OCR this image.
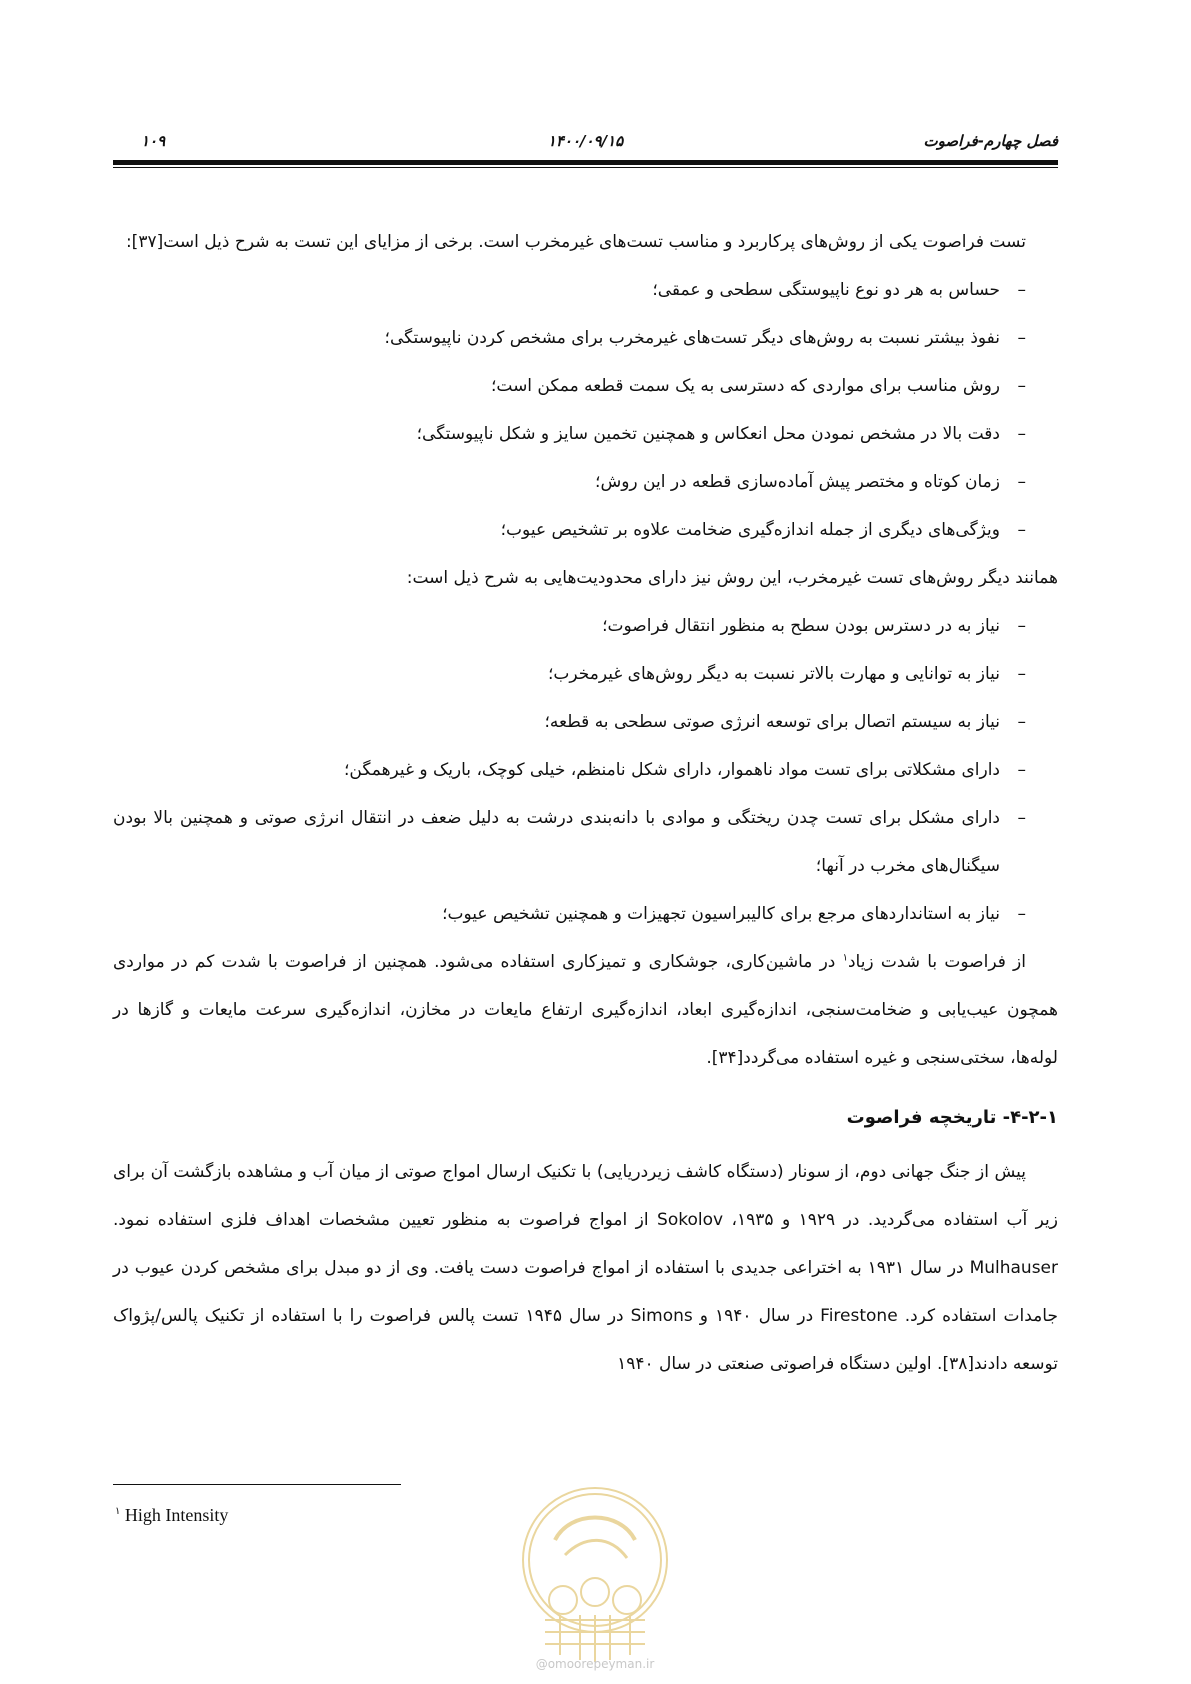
فصل چهارم-فراصوت
۱۴۰۰/۰۹/۱۵
۱۰۹

تست فراصوت یکی از روش‌های پرکاربرد و مناسب تست‌های غیرمخرب است. برخی از مزایای این تست به شرح ذیل است[۳۷]:

–
حساس به هر دو نوع ناپیوستگی سطحی و عمقی؛
–
نفوذ بیشتر نسبت به روش‌های دیگر تست‌های غیرمخرب برای مشخص کردن ناپیوستگی؛
–
روش مناسب برای مواردی که دسترسی به یک سمت قطعه ممکن است؛
–
دقت بالا در مشخص نمودن محل انعکاس و همچنین تخمین سایز و شکل ناپیوستگی؛
–
زمان کوتاه و مختصر پیش آماده‌سازی قطعه در این روش؛
–
ویژگی‌های دیگری از جمله اندازه‌گیری ضخامت علاوه بر تشخیص عیوب؛

همانند دیگر روش‌های تست غیرمخرب، این روش نیز دارای محدودیت‌هایی به شرح ذیل است:

–
نیاز به در دسترس بودن سطح به منظور انتقال فراصوت؛
–
نیاز به توانایی و مهارت بالاتر نسبت به دیگر روش‌های غیرمخرب؛
–
نیاز به سیستم اتصال برای توسعه انرژی صوتی سطحی به قطعه؛
–
دارای مشکلاتی برای تست مواد ناهموار، دارای شکل نامنظم، خیلی کوچک، باریک و غیرهمگن؛
–
دارای مشکل برای تست چدن ریختگی و موادی با دانه‌بندی درشت به دلیل ضعف در انتقال انرژی صوتی و همچنین بالا بودن سیگنال‌های مخرب در آنها؛
–
نیاز به استانداردهای مرجع برای کالیبراسیون تجهیزات و همچنین تشخیص عیوب؛

از فراصوت با شدت زیاد$^۱$ در ماشین‌کاری، جوشکاری و تمیزکاری استفاده می‌شود. همچنین از فراصوت با شدت کم در مواردی همچون عیب‌یابی و ضخامت‌سنجی، اندازه‌گیری ابعاد، اندازه‌گیری ارتفاع مایعات در مخازن، اندازه‌گیری سرعت مایعات و گازها در لوله‌ها، سختی‌سنجی و غیره استفاده می‌گردد[۳۴].

۴-۲-۱- تاریخچه فراصوت

پیش از جنگ جهانی دوم، از سونار (دستگاه کاشف زیردریایی) با تکنیک ارسال امواج صوتی از میان آب و مشاهده بازگشت آن برای زیر آب استفاده می‌گردید. در ۱۹۲۹ و ۱۹۳۵، Sokolov از امواج فراصوت به منظور تعیین مشخصات اهداف فلزی استفاده نمود. Mulhauser در سال ۱۹۳۱ به اختراعی جدیدی با استفاده از امواج فراصوت دست یافت. وی از دو مبدل برای مشخص کردن عیوب در جامدات استفاده کرد. Firestone در سال ۱۹۴۰ و Simons در سال ۱۹۴۵ تست پالس فراصوت را با استفاده از تکنیک پالس/پژواک توسعه دادند[۳۸]. اولین دستگاه فراصوتی صنعتی در سال ۱۹۴۰

$^۱$ High Intensity
@omoorepeyman.ir
